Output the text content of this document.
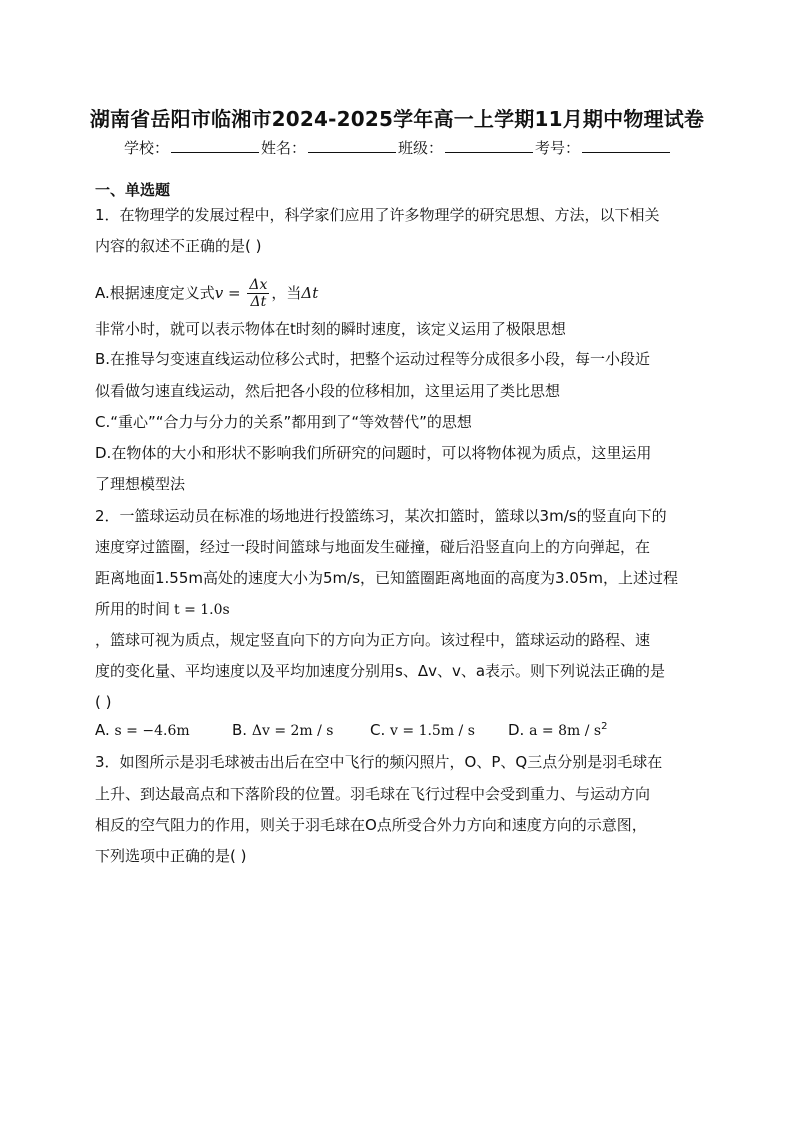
湖南省岳阳市临湘市2024-2025学年高一上学期11月期中物理试卷
学校：	姓名：	班级：	考号：
一、单选题
1．在物理学的发展过程中，科学家们应用了许多物理学的研究思想、方法，以下相关
内容的叙述不正确的是( )
A.根据速度定义式$v = \frac{\Delta x}{\Delta t}$ ，当Δt
非常小时，就可以表示物体在t时刻的瞬时速度，该定义运用了极限思想
B.在推导匀变速直线运动位移公式时，把整个运动过程等分成很多小段，每一小段近
似看做匀速直线运动，然后把各小段的位移相加，这里运用了类比思想
C.“重心”“合力与分力的关系”都用到了“等效替代”的思想
D.在物体的大小和形状不影响我们所研究的问题时，可以将物体视为质点，这里运用
了理想模型法
2．一篮球运动员在标准的场地进行投篮练习，某次扣篮时，篮球以3m/s的竖直向下的
速度穿过篮圈，经过一段时间篮球与地面发生碰撞，碰后沿竖直向上的方向弹起，在
距离地面1.55m高处的速度大小为5m/s，已知篮圈距离地面的高度为3.05m，上述过程
所用的时间 t = 1.0s
，篮球可视为质点，规定竖直向下的方向为正方向。该过程中，篮球运动的路程、速
度的变化量、平均速度以及平均加速度分别用s、Δv、v、a表示。则下列说法正确的是
( )
A. s = −4.6m	B. Δv = 2m / s C. v = 1.5m / s D. $a = 8m / s^2$
3．如图所示是羽毛球被击出后在空中飞行的频闪照片，O、P、Q三点分别是羽毛球在
上升、到达最高点和下落阶段的位置。羽毛球在飞行过程中会受到重力、与运动方向
相反的空气阻力的作用，则关于羽毛球在O点所受合外力方向和速度方向的示意图，
下列选项中正确的是( )
